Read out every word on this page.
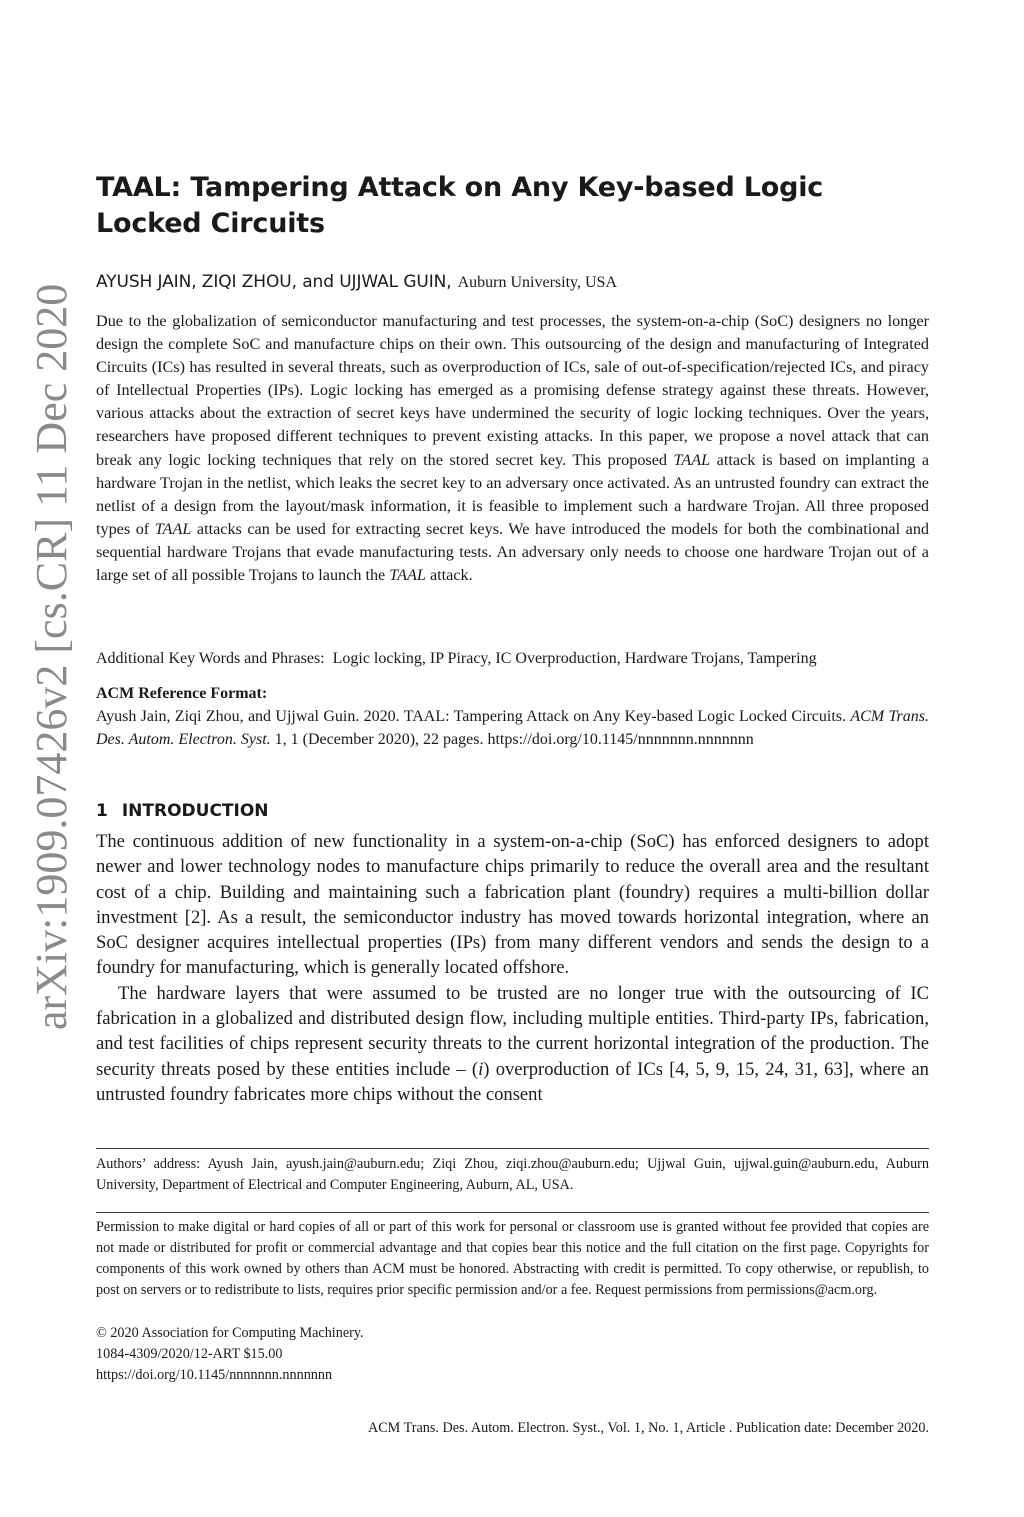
arXiv:1909.07426v2 [cs.CR] 11 Dec 2020
TAAL: Tampering Attack on Any Key-based Logic Locked Circuits
AYUSH JAIN, ZIQI ZHOU, and UJJWAL GUIN, Auburn University, USA

Due to the globalization of semiconductor manufacturing and test processes, the system-on-a-chip (SoC) designers no longer design the complete SoC and manufacture chips on their own. This outsourcing of the design and manufacturing of Integrated Circuits (ICs) has resulted in several threats, such as overproduction of ICs, sale of out-of-specification/rejected ICs, and piracy of Intellectual Properties (IPs). Logic locking has emerged as a promising defense strategy against these threats. However, various attacks about the extraction of secret keys have undermined the security of logic locking techniques. Over the years, researchers have proposed different techniques to prevent existing attacks. In this paper, we propose a novel attack that can break any logic locking techniques that rely on the stored secret key. This proposed TAAL attack is based on implanting a hardware Trojan in the netlist, which leaks the secret key to an adversary once activated. As an untrusted foundry can extract the netlist of a design from the layout/mask information, it is feasible to implement such a hardware Trojan. All three proposed types of TAAL attacks can be used for extracting secret keys. We have introduced the models for both the combinational and sequential hardware Trojans that evade manufacturing tests. An adversary only needs to choose one hardware Trojan out of a large set of all possible Trojans to launch the TAAL attack.

Additional Key Words and Phrases: Logic locking, IP Piracy, IC Overproduction, Hardware Trojans, Tampering
ACM Reference Format:
Ayush Jain, Ziqi Zhou, and Ujjwal Guin. 2020. TAAL: Tampering Attack on Any Key-based Logic Locked Circuits. ACM Trans. Des. Autom. Electron. Syst. 1, 1 (December 2020), 22 pages. https://doi.org/10.1145/nnnnnnn.nnnnnnn
1 INTRODUCTION

The continuous addition of new functionality in a system-on-a-chip (SoC) has enforced designers to adopt newer and lower technology nodes to manufacture chips primarily to reduce the overall area and the resultant cost of a chip. Building and maintaining such a fabrication plant (foundry) requires a multi-billion dollar investment [2]. As a result, the semiconductor industry has moved towards horizontal integration, where an SoC designer acquires intellectual properties (IPs) from many different vendors and sends the design to a foundry for manufacturing, which is generally located offshore.

The hardware layers that were assumed to be trusted are no longer true with the outsourcing of IC fabrication in a globalized and distributed design flow, including multiple entities. Third-party IPs, fabrication, and test facilities of chips represent security threats to the current horizontal integration of the production. The security threats posed by these entities include – (i) overproduction of ICs [4, 5, 9, 15, 24, 31, 63], where an untrusted foundry fabricates more chips without the consent

Authors’ address: Ayush Jain, ayush.jain@auburn.edu; Ziqi Zhou, ziqi.zhou@auburn.edu; Ujjwal Guin, ujjwal.guin@auburn.edu, Auburn University, Department of Electrical and Computer Engineering, Auburn, AL, USA.
Permission to make digital or hard copies of all or part of this work for personal or classroom use is granted without fee provided that copies are not made or distributed for profit or commercial advantage and that copies bear this notice and the full citation on the first page. Copyrights for components of this work owned by others than ACM must be honored. Abstracting with credit is permitted. To copy otherwise, or republish, to post on servers or to redistribute to lists, requires prior specific permission and/or a fee. Request permissions from permissions@acm.org.
© 2020 Association for Computing Machinery.
1084-4309/2020/12-ART $15.00
https://doi.org/10.1145/nnnnnnn.nnnnnnn
ACM Trans. Des. Autom. Electron. Syst., Vol. 1, No. 1, Article . Publication date: December 2020.
